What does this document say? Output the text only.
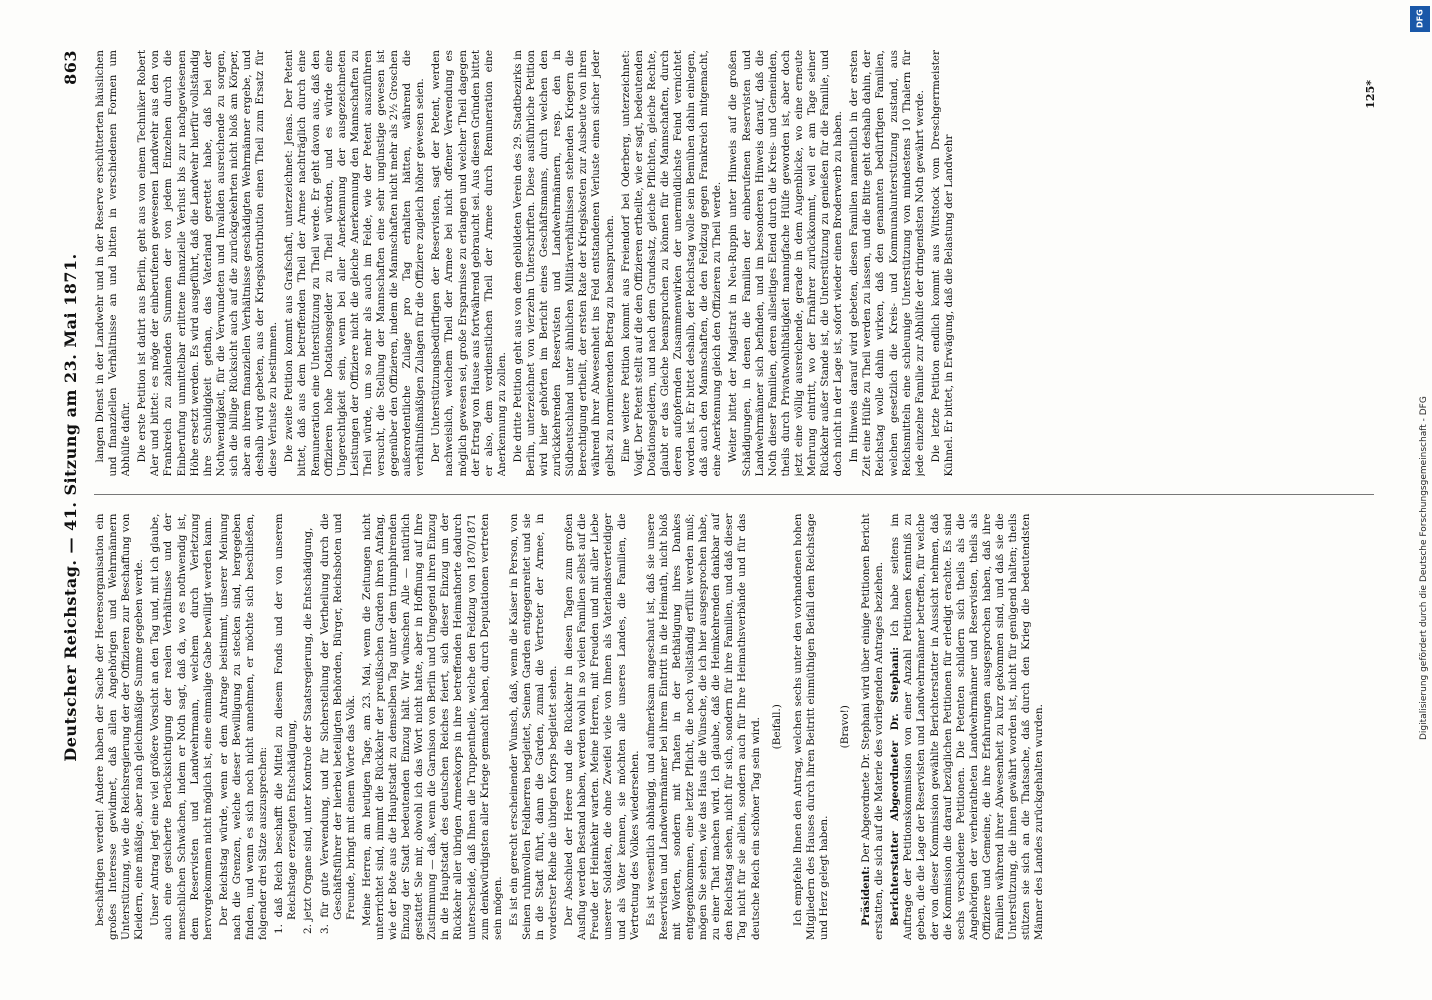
Deutscher Reichstag. — 41. Sitzung am 23. Mai 1871.
863

beschäftigen werden! Andere haben der Sache der Heeresorganisation ein großes Interesse gewidmet, daß allen Angehörigen und Wehrmännern Unterstützung, wie die Reichsregierung der der Offizieren zur Beschaffung von Kleidern, eine mäßige, aber nach gleichmäßige Summe gegeben werde. Unser Antrag legt eine viel größere Vorsicht an den Tag und, mit ich glaube, auch eine gesicherte Berücksichtigung der realen Verhältnisse und der menschlichen Schwächen, indem er Noth sagt, daß da, wo es nothwendig ist, dem Reservisten und Landwehrmann, welchem durch Verletzung hervorgekommen nicht möglich ist, eine einmalige Gabe bewilligt werden kann. Der Reichstag würde, wenn er dem Antrage beistimmt, unserer Meinung nach die Grenzen, welche dieser Bewilligung zu stecken sind, hergegeben finden, und wenn es sich noch nicht annehmen, er möchte sich beschließen, folgender drei Sätze auszusprechen: 1. daß Reich beschafft die Mittel zu diesem Fonds und der von unserem Reichstage erzeugten Entschädigung, 2. jetzt Organe sind, unter Kontrole der Staatsregierung, die Entschädigung, 3. für gute Verwendung, und für Sicherstellung der Vertheilung durch die Geschäftsführer der hierbei beteiligten Behörden, Bürger, Reichsboten und Freunde, bringt mit einem Worte das Volk. Meine Herren, am heutigen Tage, am 23. Mai, wenn die Zeitungen nicht unterrichtet sind, nimmt die Rückkehr der preußischen Garden ihren Anfang, wie der Bote aus die Hauptstadt zu demselben Tag unter dem triumphirenden Einzug der Stadt bedeutenden Einzug hält. Wir wünschen Alle — natürlich gestattet Sie mir, obwohl ich das Wort nicht hatte, aber in Hoffnung auf Ihre Zustimmung — daß, wenn die Garnison von Berlin und Umgegend ihren Einzug in die Hauptstadt des deutschen Reiches feiert, sich dieser Einzug um der Rückkehr aller übrigen Armeekorps in ihre betreffenden Heimathorte dadurch unterscheide, daß Ihnen die Truppentheile, welche den Feldzug von 1870/1871 zum denkwürdigsten aller Kriege gemacht haben, durch Deputationen vertreten sein mögen. Es ist ein gerecht erscheinender Wunsch, daß, wenn die Kaiser in Person, von Seinen ruhmvollen Feldherren begleitet, Seinen Garden entgegenreitet und sie in die Stadt führt, dann die Garden, zumal die Vertreter der Armee, in vorderster Reihe die übrigen Korps begleitet sehen. Der Abschied der Heere und die Rückkehr in diesen Tagen zum großen Ausflug werden Bestand haben, werden wohl in so vielen Familien selbst auf die Freude der Heimkehr warten. Meine Herren, mit Freuden und mit aller Liebe unserer Soldaten, die ohne Zweifel viele von Ihnen als Vaterlandsverteidiger und als Väter kennen, sie möchten alle unseres Landes, die Familien, die Vertretung des Volkes wiedersehen. Es ist wesentlich abhängig, und aufmerksam angeschaut ist, daß sie unsere Reservisten und Landwehrmänner bei ihrem Eintritt in die Heimath, nicht bloß mit Worten, sondern mit Thaten in der Bethätigung ihres Dankes entgegenkommen, eine letzte Pflicht, die noch vollständig erfüllt werden muß; mögen Sie sehen, wie das Haus die Wünsche, die ich hier ausgesprochen habe, zu einer That machen wird. Ich glaube, daß die Heimkehrenden dankbar auf den Reichstag sehen, nicht für sich, sondern für ihre Familien, und daß dieser Tag nicht für sie allein, sondern auch für Ihre Heimathsverbände und für das deutsche Reich ein schöner Tag sein wird. (Beifall.) Ich empfehle Ihnen den Antrag, welchen sechs unter den vorhandenen hohen Mitgliedern des Hauses durch ihren Beitritt einmüthigen Beifall dem Reichstage und Herz gelegt haben.

(Bravo!)

Präsident: Der Abgeordnete Dr. Stephani wird über einige Petitionen Bericht erstatten, die sich auf die Materie des vorliegenden Antrages beziehen. Berichterstatter Abgeordneter Dr. Stephani: Ich habe seitens im Auftrage der Petitionskommission von einer Anzahl Petitionen Kenntniß zu geben, die die Lage der Reservisten und Landwehrmänner betreffen, für welche der von dieser Kommission gewählte Berichterstatter in Aussicht nehmen, daß die Kommission die darauf bezüglichen Petitionen für erledigt erachte. Es sind sechs verschiedene Petitionen. Die Petenten schildern sich theils als die Angehörigen der verheiratheten Landwehrmänner und Reservisten, theils als Offiziere und Gemeine, die ihre Erfahrungen ausgesprochen haben, daß ihre Familien während ihrer Abwesenheit zu kurz gekommen sind, und daß sie die Unterstützung, die ihnen gewährt worden ist, nicht für genügend halten; theils stützen sie sich an die Thatsache, daß durch den Krieg die bedeutendsten Männer des Landes zurückgehalten wurden.

langen Dienst in der Landwehr und in der Reserve erschütterten häuslichen und finanziellen Verhältnisse an und bitten in verschiedenen Formen um Abhülfe dafür. Die erste Petition ist datirt aus Berlin, geht aus von einem Techniker Robert Aler und bittet: es möge der einberufenen gewesenen Landwehr aus den von Frankreich zu zahlenden Summen der von jedem Einzelnen durch die Einberufung unmittelbar erlittene finanzielle Verlust bis zur nachgewiesenen Höhe ersetzt werden. Es wird ausgeführt, daß die Landwehr hierfür vollständig ihre Schuldigkeit gethan, das Vaterland gerettet habe, daß bei der Nothwendigkeit, für die Verwundeten und Invaliden ausreichende zu sorgen, sich die billige Rücksicht auch auf die zurückgekehrten nicht bloß am Körper, aber an ihrem finanziellen Verhältnisse geschädigten Wehrmänner ergebe, und deshalb wird gebeten, aus der Kriegskontribution einen Theil zum Ersatz für diese Verluste zu bestimmen. Die zweite Petition kommt aus Grafschaft, unterzeichnet: Jenas. Der Petent bittet, daß aus dem betreffenden Theil der Armee nachträglich durch eine Remuneration eine Unterstützung zu Theil werde. Er geht davon aus, daß den Offizieren hohe Dotationsgelder zu Theil würden, und es würde eine Ungerechtigkeit sein, wenn bei aller Anerkennung der ausgezeichneten Leistungen der Offiziere nicht die gleiche Anerkennung den Mannschaften zu Theil würde, um so mehr als auch im Felde, wie der Petent auszuführen versucht, die Stellung der Mannschaften eine sehr ungünstige gewesen ist gegenüber den Offizieren, indem die Mannschaften nicht mehr als 2½ Groschen außerordentliche Zulage pro Tag erhalten hätten, während die verhältnißmäßigen Zulagen für die Offiziere zugleich höher gewesen seien. Der Unterstützungsbedürftigen der Reservisten, sagt der Petent, werden nachweislich, welchem Theil der Armee bei nicht offener Verwendung es möglich gewesen sei, große Ersparnisse zu erlangen und welcher Theil dagegen der Ertrag von Hause aus fortwährend gebraucht sei. Aus diesen Gründen bittet er also, dem verdienstlichen Theil der Armee durch Remuneration eine Anerkennung zu zollen. Die dritte Petition geht aus von dem gebildeten Verein des 29. Stadtbezirks in Berlin, unterzeichnet von vierzehn Unterschriften. Diese ausführliche Petition wird hier gehörten im Bericht eines Geschäftsmanns, durch welchen den zurückkehrenden Reservisten und Landwehrmännern, resp. den in Südbeutschland unter ähnlichen Militärverhältnissen stehenden Kriegern die Berechtigung ertheilt, der ersten Rate der Kriegskosten zur Ausbeute von ihren während ihrer Abwesenheit ins Feld entstandenen Verluste einen sicher jeder gelbst zu normierenden Betrag zu beanspruchen. Eine weitere Petition kommt aus Freiendorf bei Oderberg, unterzeichnet: Voigt. Der Petent stellt auf die den Offizieren ertheilte, wie er sagt, bedeutenden Dotationsgeldern, und nach dem Grundsatz, gleiche Pflichten, gleiche Rechte, glaubt er das Gleiche beanspruchen zu können für die Mannschaften, durch deren aufopfernden Zusammenwirken der unermüdlichste Feind vernichtet worden ist. Er bittet deshalb, der Reichstag wolle sein Bemühen dahin einlegen, daß auch den Mannschaften, die den Feldzug gegen Frankreich mitgemacht, eine Anerkennung gleich den Offizieren zu Theil werde. Weiter bittet der Magistrat in Neu-Ruppin unter Hinweis auf die großen Schädigungen, in denen die Familien der einberufenen Reservisten und Landwehrmänner sich befinden, und im besonderen Hinweis darauf, daß die Noth dieser Familien, deren allseitiges Elend durch die Kreis- und Gemeinden, theils durch Privatwohlthätigkeit mannigfache Hülfe geworden ist, aber doch jetzt eine völlig ausreichende, gerade in dem Augenblicke, wo eine erneute Mehrung eintritt, wo der Ernährer zurückkommt, weil er am Tage seiner Rückkehr außer Stande ist, die Unterstützung zu genießen für die Familie, und doch nicht in der Lage ist, sofort wieder einen Broderwerb zu haben. Im Hinweis darauf wird gebeten, diesen Familien namentlich in der ersten Zeit eine Hülfe zu Theil werden zu lassen, und die Bitte geht deshalb dahin, der Reichstag wolle dahin wirken, daß den genannten bedürftigen Familien, welchen gesetzlich die Kreis- und Kommunalunterstützung zustand, aus Reichsmitteln eine schleunige Unterstützung von mindestens 10 Thalern für jede einzelne Familie zur Abhülfe der dringendsten Noth gewährt werde. Die letzte Petition endlich kommt aus Wittstock vom Dreschgerrmeister Kühnel. Er bittet, in Erwägung, daß die Belastung der Landwehr

125*
DFG
Digitalisierung gefördert durch die Deutsche Forschungsgemeinschaft - DFG
